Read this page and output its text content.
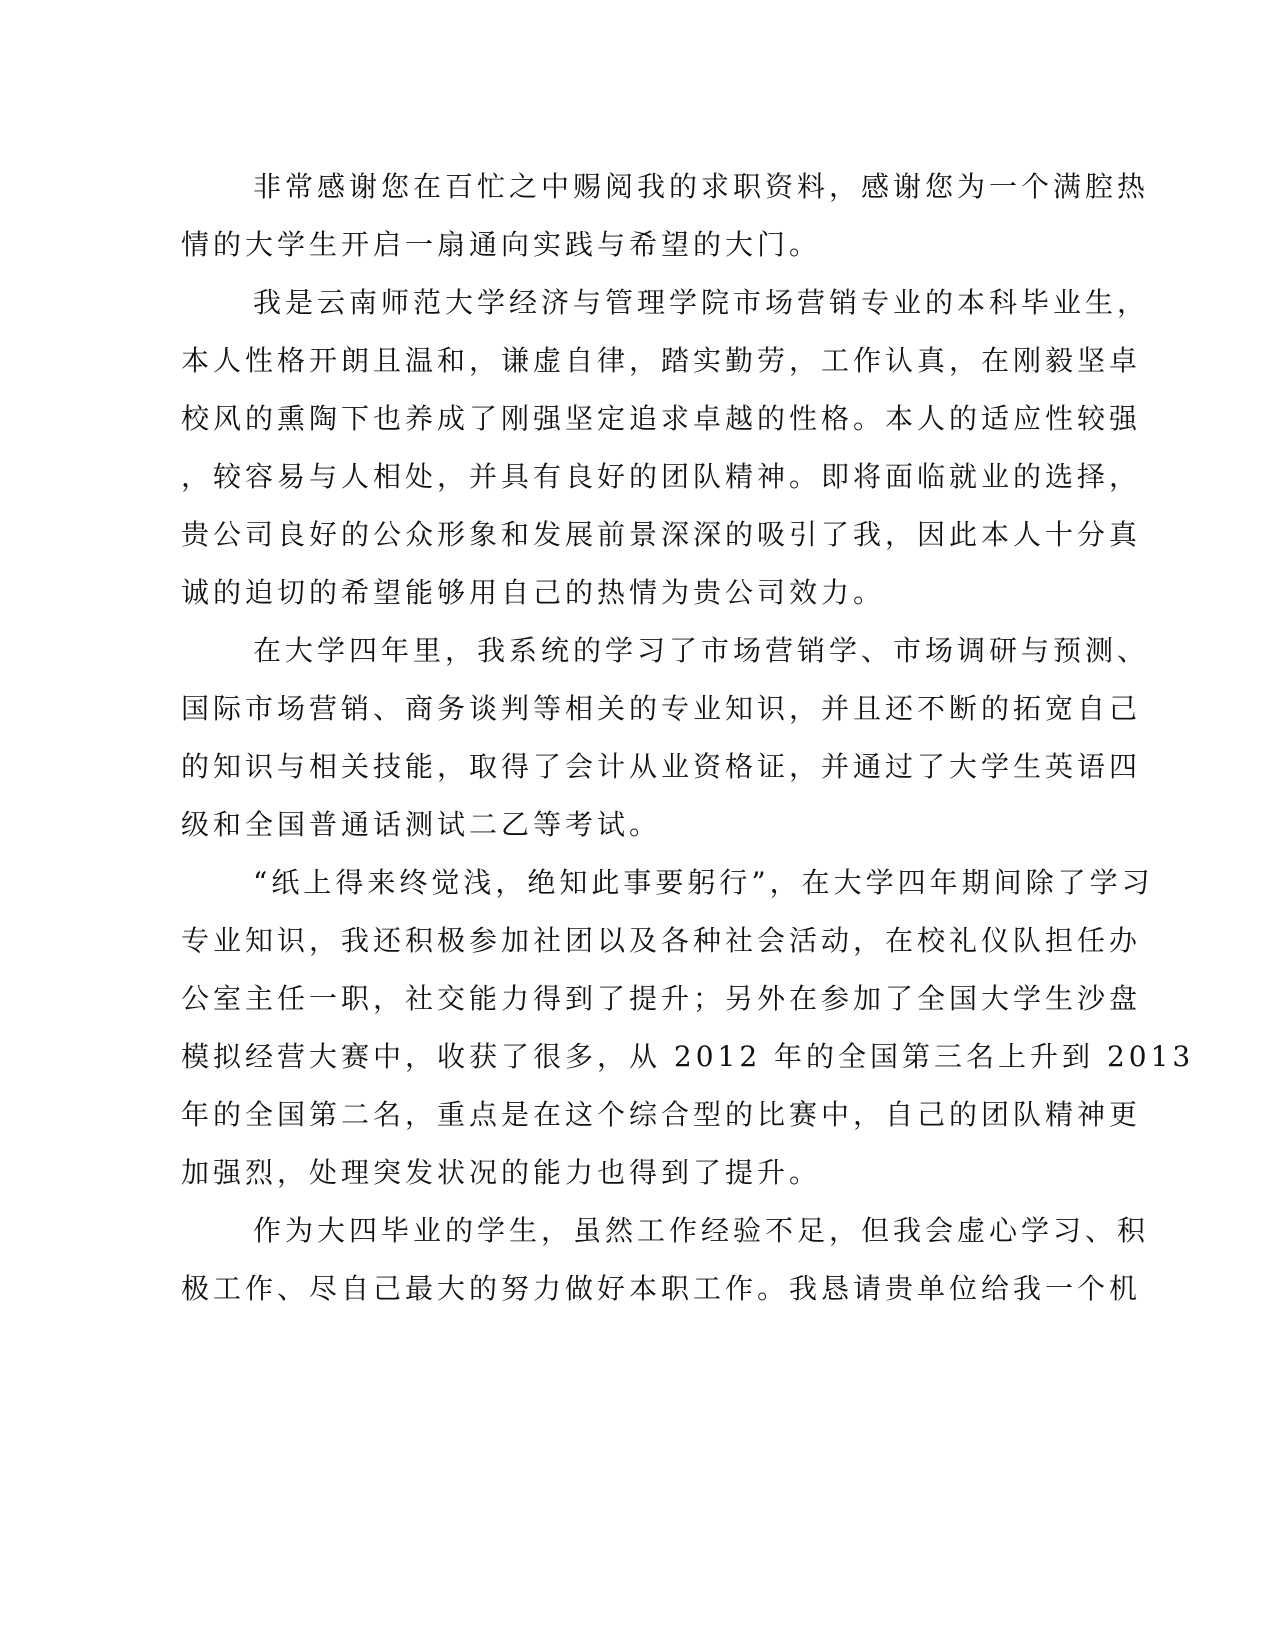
非常感谢您在百忙之中赐阅我的求职资料，感谢您为一个满腔热
情的大学生开启一扇通向实践与希望的大门。

我是云南师范大学经济与管理学院市场营销专业的本科毕业生，
本人性格开朗且温和，谦虚自律，踏实勤劳，工作认真，在刚毅坚卓
校风的熏陶下也养成了刚强坚定追求卓越的性格。本人的适应性较强
，较容易与人相处，并具有良好的团队精神。即将面临就业的选择，
贵公司良好的公众形象和发展前景深深的吸引了我，因此本人十分真
诚的迫切的希望能够用自己的热情为贵公司效力。

在大学四年里，我系统的学习了市场营销学、市场调研与预测、
国际市场营销、商务谈判等相关的专业知识，并且还不断的拓宽自己
的知识与相关技能，取得了会计从业资格证，并通过了大学生英语四
级和全国普通话测试二乙等考试。

“纸上得来终觉浅，绝知此事要躬行”，在大学四年期间除了学习
专业知识，我还积极参加社团以及各种社会活动，在校礼仪队担任办
公室主任一职，社交能力得到了提升；另外在参加了全国大学生沙盘
模拟经营大赛中，收获了很多，从 2012 年的全国第三名上升到 2013
年的全国第二名，重点是在这个综合型的比赛中，自己的团队精神更
加强烈，处理突发状况的能力也得到了提升。

作为大四毕业的学生，虽然工作经验不足，但我会虚心学习、积
极工作、尽自己最大的努力做好本职工作。我恳请贵单位给我一个机
